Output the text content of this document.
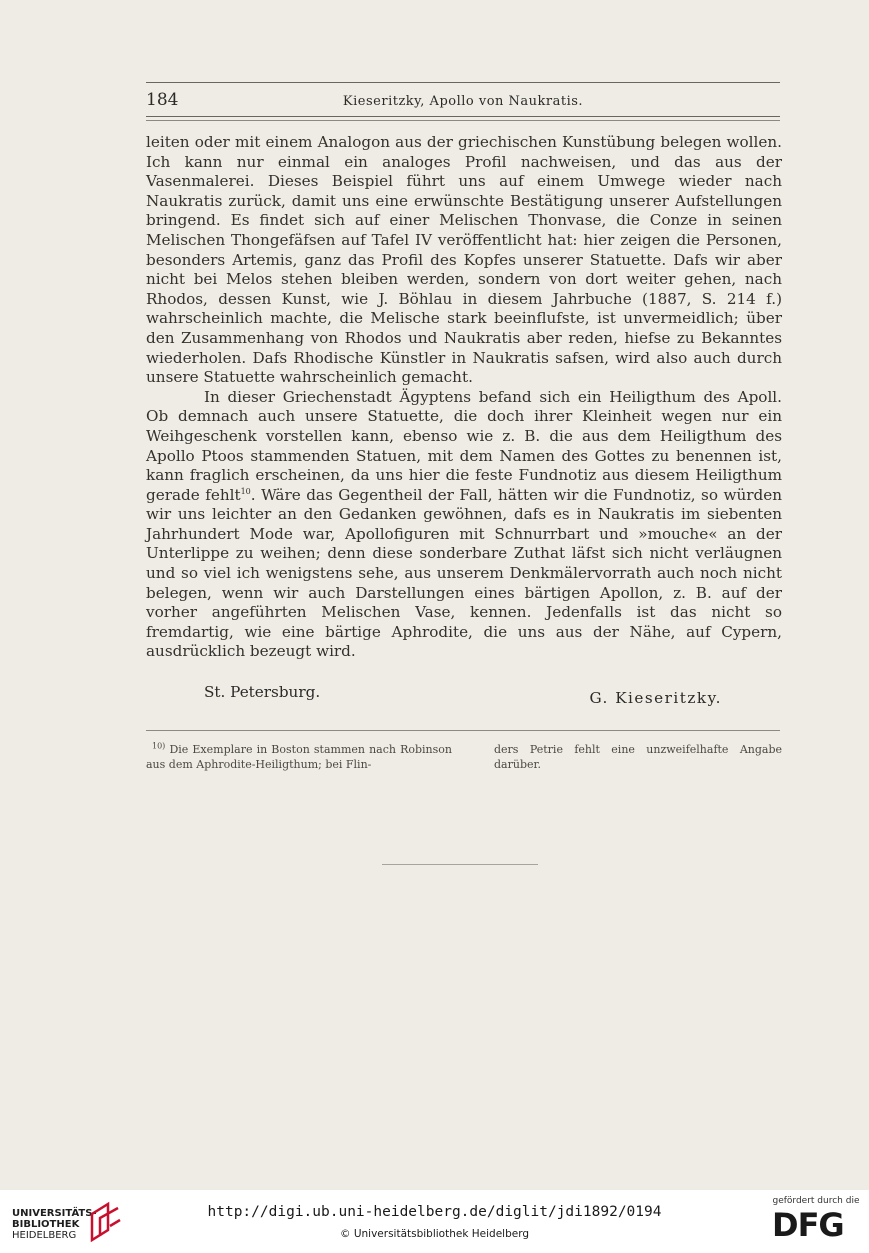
184	Kieseritzky, Apollo von Naukratis.

leiten oder mit einem Analogon aus der griechischen Kunstübung belegen wollen. Ich kann nur einmal ein analoges Profil nachweisen, und das aus der Vasenmalerei. Dieses Beispiel führt uns auf einem Umwege wieder nach Naukratis zurück, damit uns eine erwünschte Bestätigung unserer Aufstellungen bringend. Es findet sich auf einer Melischen Thonvase, die Conze in seinen Melischen Thongefäfsen auf Tafel IV veröffentlicht hat: hier zeigen die Personen, besonders Artemis, ganz das Profil des Kopfes unserer Statuette. Dafs wir aber nicht bei Melos stehen bleiben werden, sondern von dort weiter gehen, nach Rhodos, dessen Kunst, wie J. Böhlau in diesem Jahrbuche (1887, S. 214 f.) wahrscheinlich machte, die Melische stark beeinflufste, ist unvermeidlich; über den Zusammenhang von Rhodos und Naukratis aber reden, hiefse zu Bekanntes wiederholen. Dafs Rhodische Künstler in Naukratis safsen, wird also auch durch unsere Statuette wahrscheinlich gemacht.

In dieser Griechenstadt Ägyptens befand sich ein Heiligthum des Apoll. Ob demnach auch unsere Statuette, die doch ihrer Kleinheit wegen nur ein Weihgeschenk vorstellen kann, ebenso wie z. B. die aus dem Heiligthum des Apollo Ptoos stammenden Statuen, mit dem Namen des Gottes zu benennen ist, kann fraglich erscheinen, da uns hier die feste Fundnotiz aus diesem Heiligthum gerade fehlt$^{10}$. Wäre das Gegentheil der Fall, hätten wir die Fundnotiz, so würden wir uns leichter an den Gedanken gewöhnen, dafs es in Naukratis im siebenten Jahrhundert Mode war, Apollofiguren mit Schnurrbart und »mouche« an der Unterlippe zu weihen; denn diese sonderbare Zuthat läfst sich nicht verläugnen und so viel ich wenigstens sehe, aus unserem Denkmälervorrath auch noch nicht belegen, wenn wir auch Darstellungen eines bärtigen Apollon, z. B. auf der vorher angeführten Melischen Vase, kennen. Jedenfalls ist das nicht so fremdartig, wie eine bärtige Aphrodite, die uns aus der Nähe, auf Cypern, ausdrücklich bezeugt wird.

St. Petersburg.	G. Kieseritzky.
$^{10)}$ Die Exemplare in Boston stammen nach Robinson aus dem Aphrodite-Heiligthum; bei Flin-
ders Petrie fehlt eine unzweifelhafte Angabe darüber.
UNIVERSITÄTS-
BIBLIOTHEK
HEIDELBERG
http://digi.ub.uni-heidelberg.de/diglit/jdi1892/0194
© Universitätsbibliothek Heidelberg
gefördert durch die
DFG
